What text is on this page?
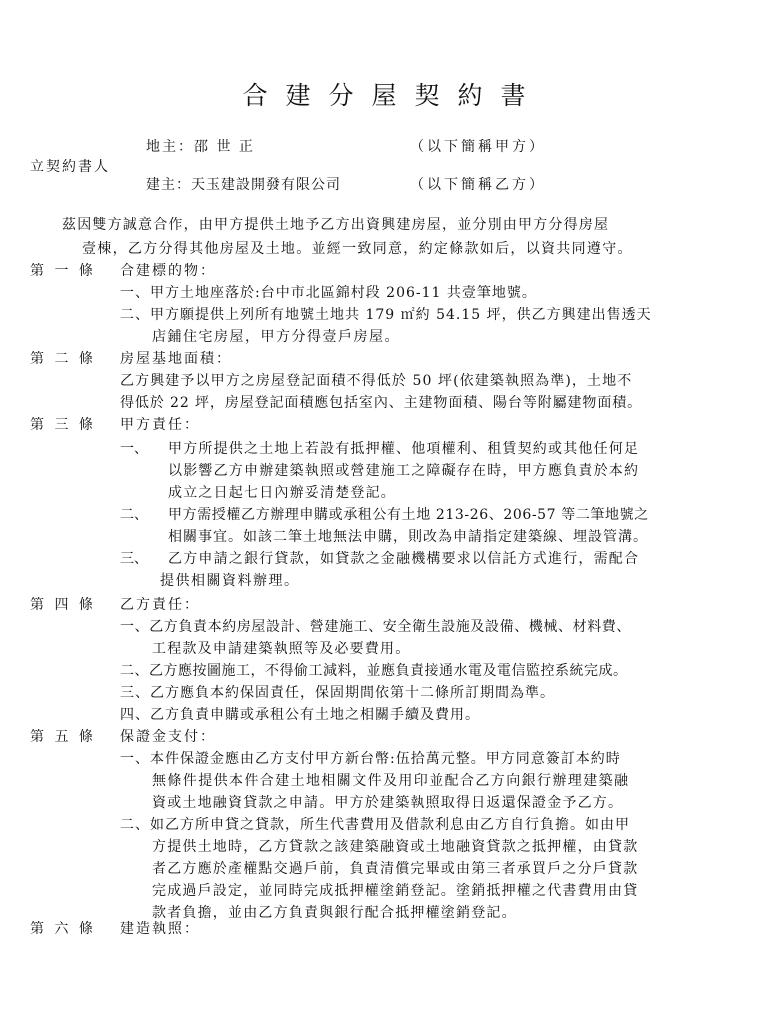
合建分屋契約書
地主：邵 世 正	（以下簡稱甲方）
立契約書人
建主：天玉建設開發有限公司	（以下簡稱乙方）
茲因雙方誠意合作，由甲方提供土地予乙方出資興建房屋，並分別由甲方分得房屋
壹棟，乙方分得其他房屋及土地。並經一致同意，約定條款如后，以資共同遵守。
第 一 條 合建標的物：
一、甲方土地座落於:台中市北區錦村段 206-11 共壹筆地號。
二、甲方願提供上列所有地號土地共 179 ㎡約 54.15 坪，供乙方興建出售透天
店鋪住宅房屋，甲方分得壹戶房屋。
第 二 條 房屋基地面積：
乙方興建予以甲方之房屋登記面積不得低於 50 坪(依建築執照為準)，土地不
得低於 22 坪，房屋登記面積應包括室內、主建物面積、陽台等附屬建物面積。
第 三 條 甲方責任：
一、 甲方所提供之土地上若設有抵押權、他項權利、租賃契約或其他任何足
以影響乙方申辦建築執照或營建施工之障礙存在時，甲方應負責於本約
成立之日起七日內辦妥清楚登記。
二、 甲方需授權乙方辦理申購或承租公有土地 213-26、206-57 等二筆地號之
相關事宜。如該二筆土地無法申購，則改為申請指定建築線、埋設管溝。
三、 乙方申請之銀行貸款，如貸款之金融機構要求以信託方式進行，需配合
提供相關資料辦理。
第 四 條 乙方責任：
一、乙方負責本約房屋設計、營建施工、安全衛生設施及設備、機械、材料費、
工程款及申請建築執照等及必要費用。
二、乙方應按圖施工，不得偷工減料，並應負責接通水電及電信監控系統完成。
三、乙方應負本約保固責任，保固期間依第十二條所訂期間為準。
四、乙方負責申購或承租公有土地之相關手續及費用。
第 五 條 保證金支付：
一、本件保證金應由乙方支付甲方新台幣:伍拾萬元整。甲方同意簽訂本約時
無條件提供本件合建土地相關文件及用印並配合乙方向銀行辦理建築融
資或土地融資貸款之申請。甲方於建築執照取得日返還保證金予乙方。
二、如乙方所申貸之貸款，所生代書費用及借款利息由乙方自行負擔。如由甲
方提供土地時，乙方貸款之該建築融資或土地融資貸款之抵押權，由貸款
者乙方應於產權點交過戶前，負責清償完畢或由第三者承買戶之分戶貸款
完成過戶設定，並同時完成抵押權塗銷登記。塗銷抵押權之代書費用由貸
款者負擔，並由乙方負責與銀行配合抵押權塗銷登記。
第 六 條 建造執照：
